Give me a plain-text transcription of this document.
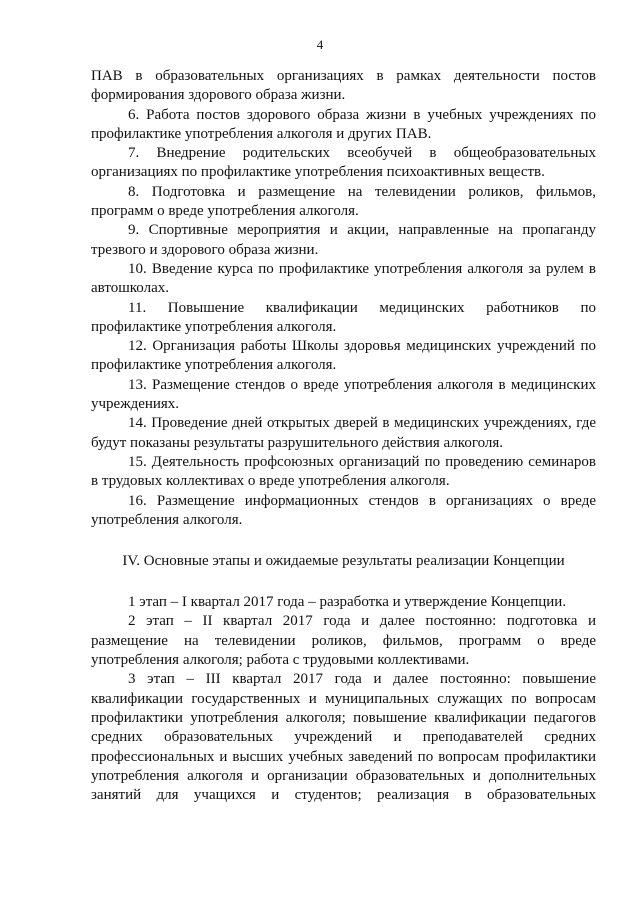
4

ПАВ в образовательных организациях в рамках деятельности постов формирования здорового образа жизни.

6. Работа постов здорового образа жизни в учебных учреждениях по профилактике употребления алкоголя и других ПАВ.

7. Внедрение родительских всеобучей в общеобразовательных организациях по профилактике употребления психоактивных веществ.

8. Подготовка и размещение на телевидении роликов, фильмов, программ о вреде употребления алкоголя.

9. Спортивные мероприятия и акции, направленные на пропаганду трезвого и здорового образа жизни.

10. Введение курса по профилактике употребления алкоголя за рулем в автошколах.

11. Повышение квалификации медицинских работников по профилактике употребления алкоголя.

12. Организация работы Школы здоровья медицинских учреждений по профилактике употребления алкоголя.

13. Размещение стендов о вреде употребления алкоголя в медицинских учреждениях.

14. Проведение дней открытых дверей в медицинских учреждениях, где будут показаны результаты разрушительного действия алкоголя.

15. Деятельность профсоюзных организаций по проведению семинаров в трудовых коллективах о вреде употребления алкоголя.

16. Размещение информационных стендов в организациях о вреде употребления алкоголя.

IV. Основные этапы и ожидаемые результаты реализации Концепции

1 этап – I квартал 2017 года – разработка и утверждение Концепции.

2 этап – II квартал 2017 года и далее постоянно: подготовка и размещение на телевидении роликов, фильмов, программ о вреде употребления алкоголя; работа с трудовыми коллективами.

3 этап – III квартал 2017 года и далее постоянно: повышение квалификации государственных и муниципальных служащих по вопросам профилактики употребления алкоголя; повышение квалификации педагогов средних образовательных учреждений и преподавателей средних профессиональных и высших учебных заведений по вопросам профилактики употребления алкоголя и организации образовательных и дополнительных занятий для учащихся и студентов; реализация в образовательных
